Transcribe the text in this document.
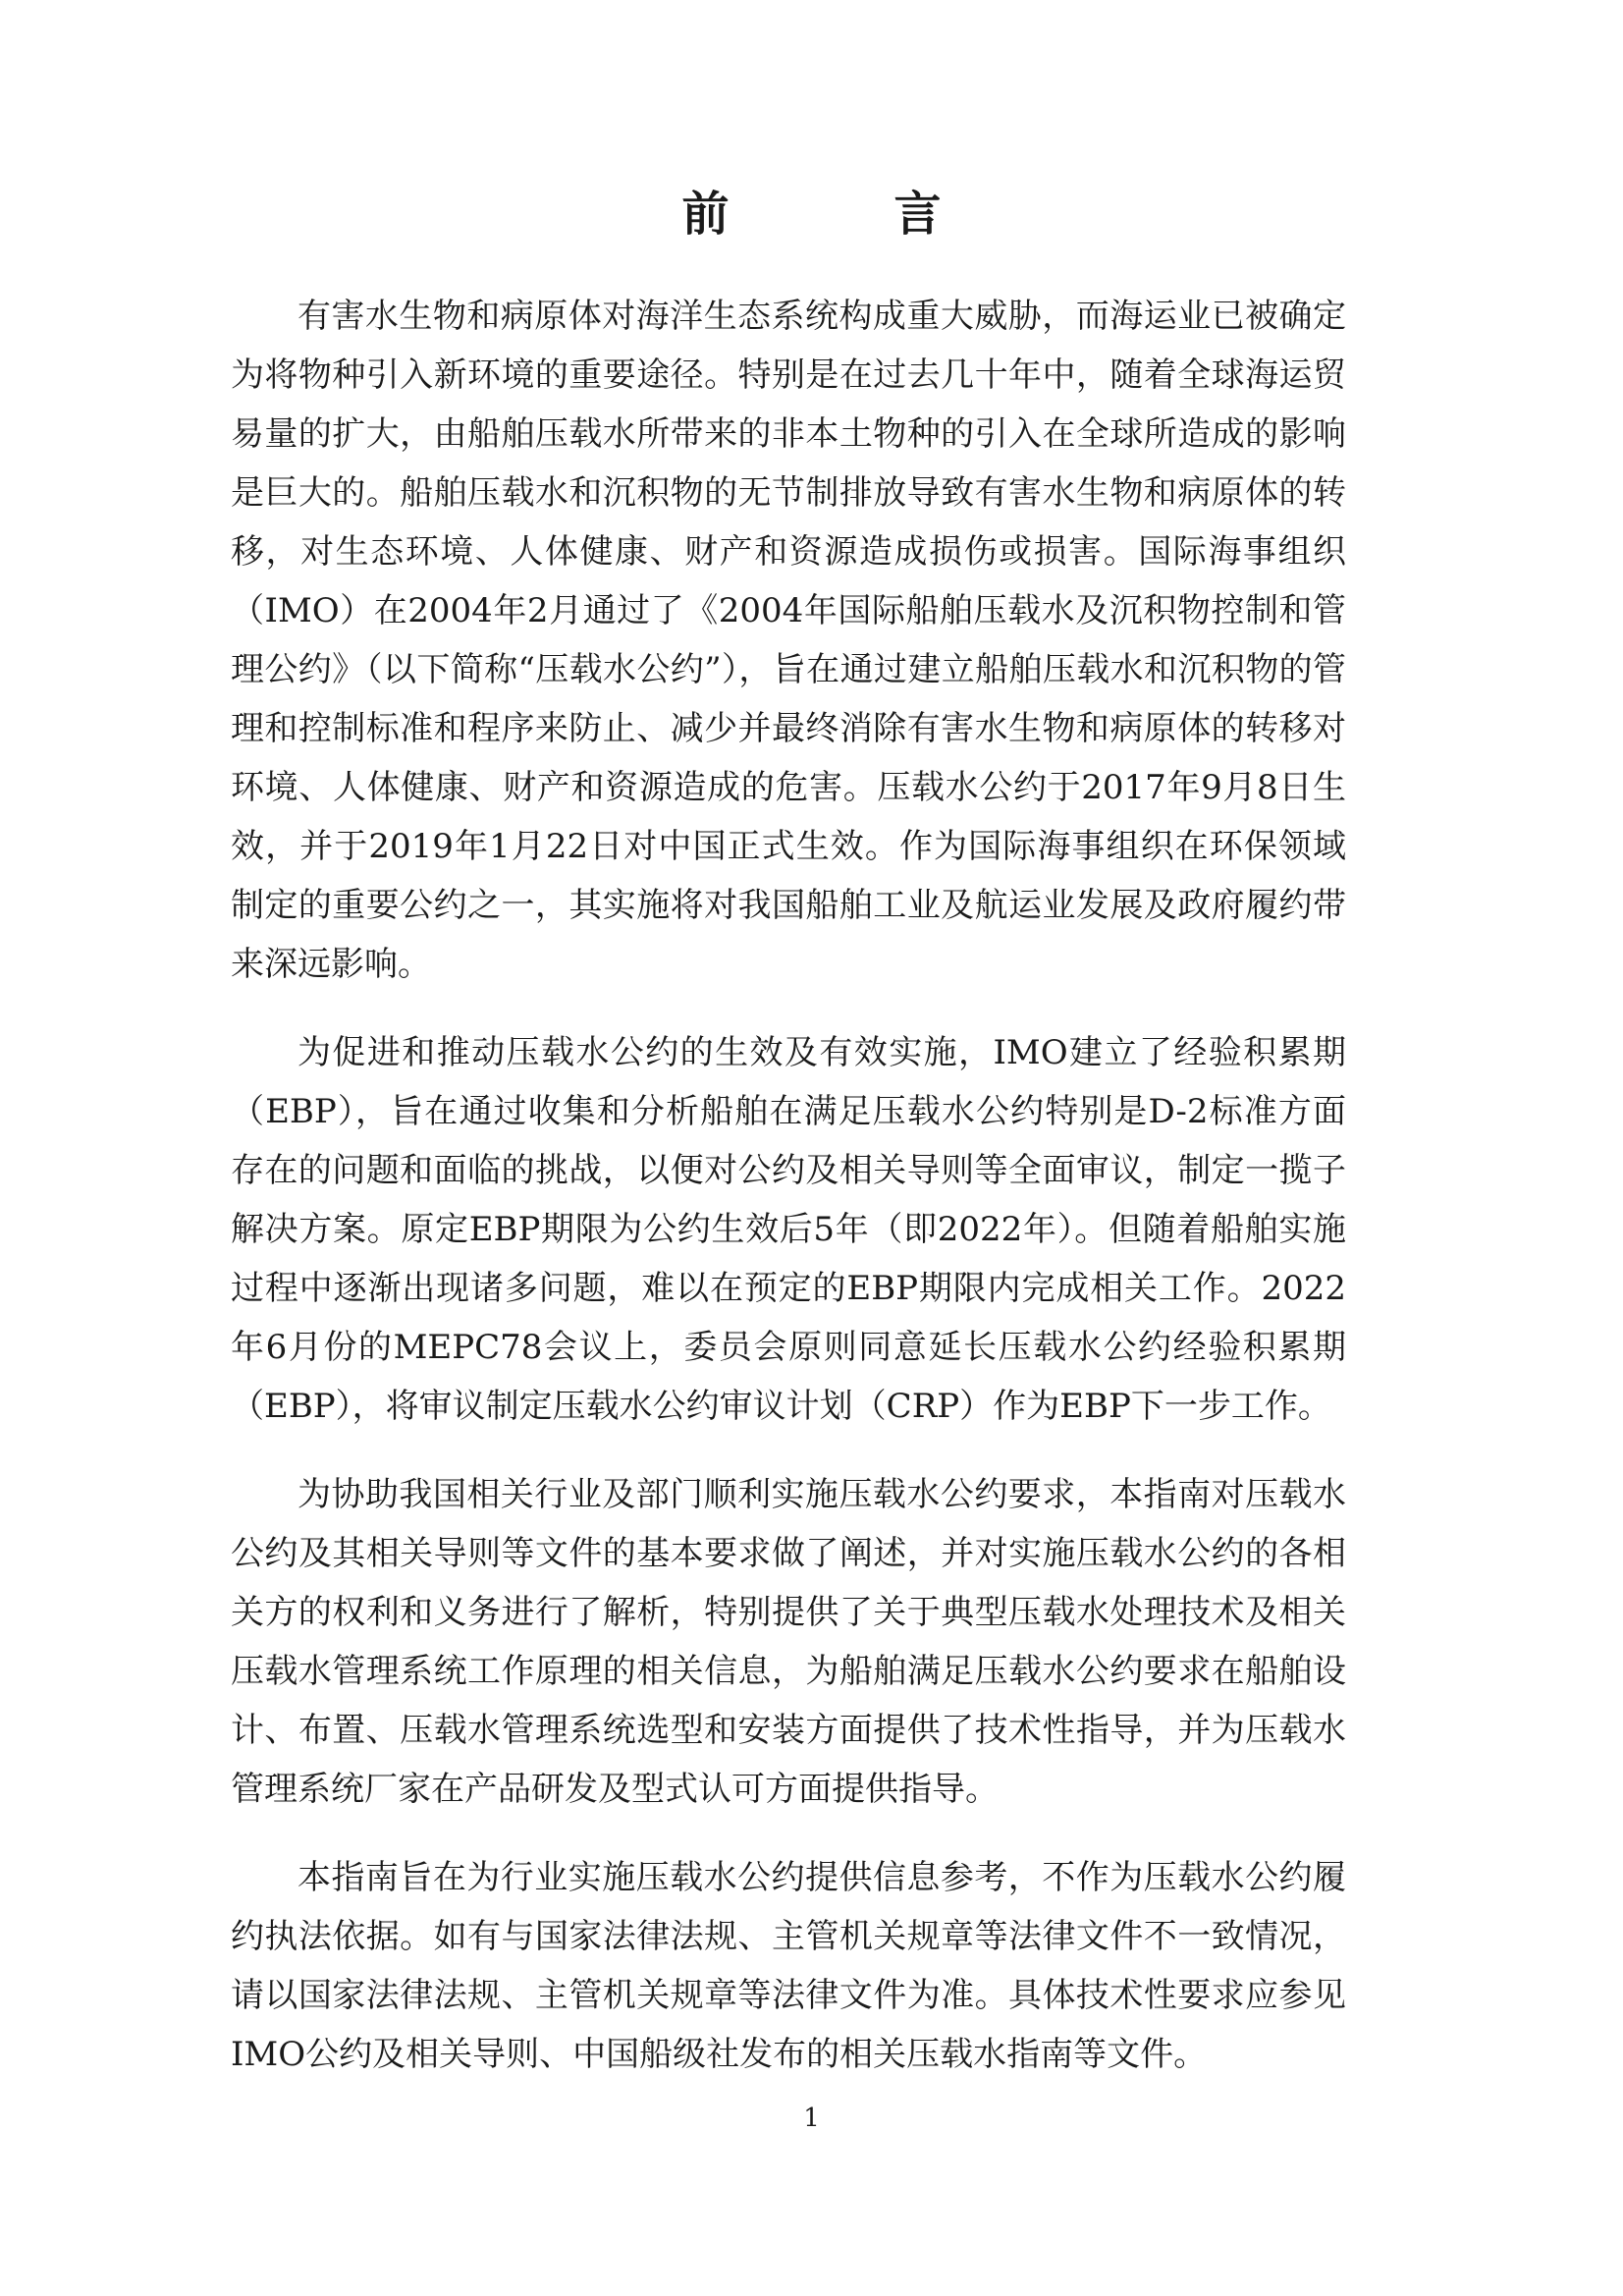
前　言

有害水生物和病原体对海洋生态系统构成重大威胁，而海运业已被确定为将物种引入新环境的重要途径。特别是在过去几十年中，随着全球海运贸易量的扩大，由船舶压载水所带来的非本土物种的引入在全球所造成的影响是巨大的。船舶压载水和沉积物的无节制排放导致有害水生物和病原体的转移，对生态环境、人体健康、财产和资源造成损伤或损害。国际海事组织（IMO）在2004年2月通过了《2004年国际船舶压载水及沉积物控制和管理公约》（以下简称“压载水公约”），旨在通过建立船舶压载水和沉积物的管理和控制标准和程序来防止、减少并最终消除有害水生物和病原体的转移对环境、人体健康、财产和资源造成的危害。压载水公约于2017年9月8日生效，并于2019年1月22日对中国正式生效。作为国际海事组织在环保领域制定的重要公约之一，其实施将对我国船舶工业及航运业发展及政府履约带来深远影响。

为促进和推动压载水公约的生效及有效实施，IMO建立了经验积累期（EBP），旨在通过收集和分析船舶在满足压载水公约特别是D-2标准方面存在的问题和面临的挑战，以便对公约及相关导则等全面审议，制定一揽子解决方案。原定EBP期限为公约生效后5年（即2022年）。但随着船舶实施过程中逐渐出现诸多问题，难以在预定的EBP期限内完成相关工作。2022年6月份的MEPC78会议上，委员会原则同意延长压载水公约经验积累期（EBP），将审议制定压载水公约审议计划（CRP）作为EBP下一步工作。

为协助我国相关行业及部门顺利实施压载水公约要求，本指南对压载水公约及其相关导则等文件的基本要求做了阐述，并对实施压载水公约的各相关方的权利和义务进行了解析，特别提供了关于典型压载水处理技术及相关压载水管理系统工作原理的相关信息，为船舶满足压载水公约要求在船舶设计、布置、压载水管理系统选型和安装方面提供了技术性指导，并为压载水管理系统厂家在产品研发及型式认可方面提供指导。

本指南旨在为行业实施压载水公约提供信息参考，不作为压载水公约履约执法依据。如有与国家法律法规、主管机关规章等法律文件不一致情况，请以国家法律法规、主管机关规章等法律文件为准。具体技术性要求应参见IMO公约及相关导则、中国船级社发布的相关压载水指南等文件。

1
